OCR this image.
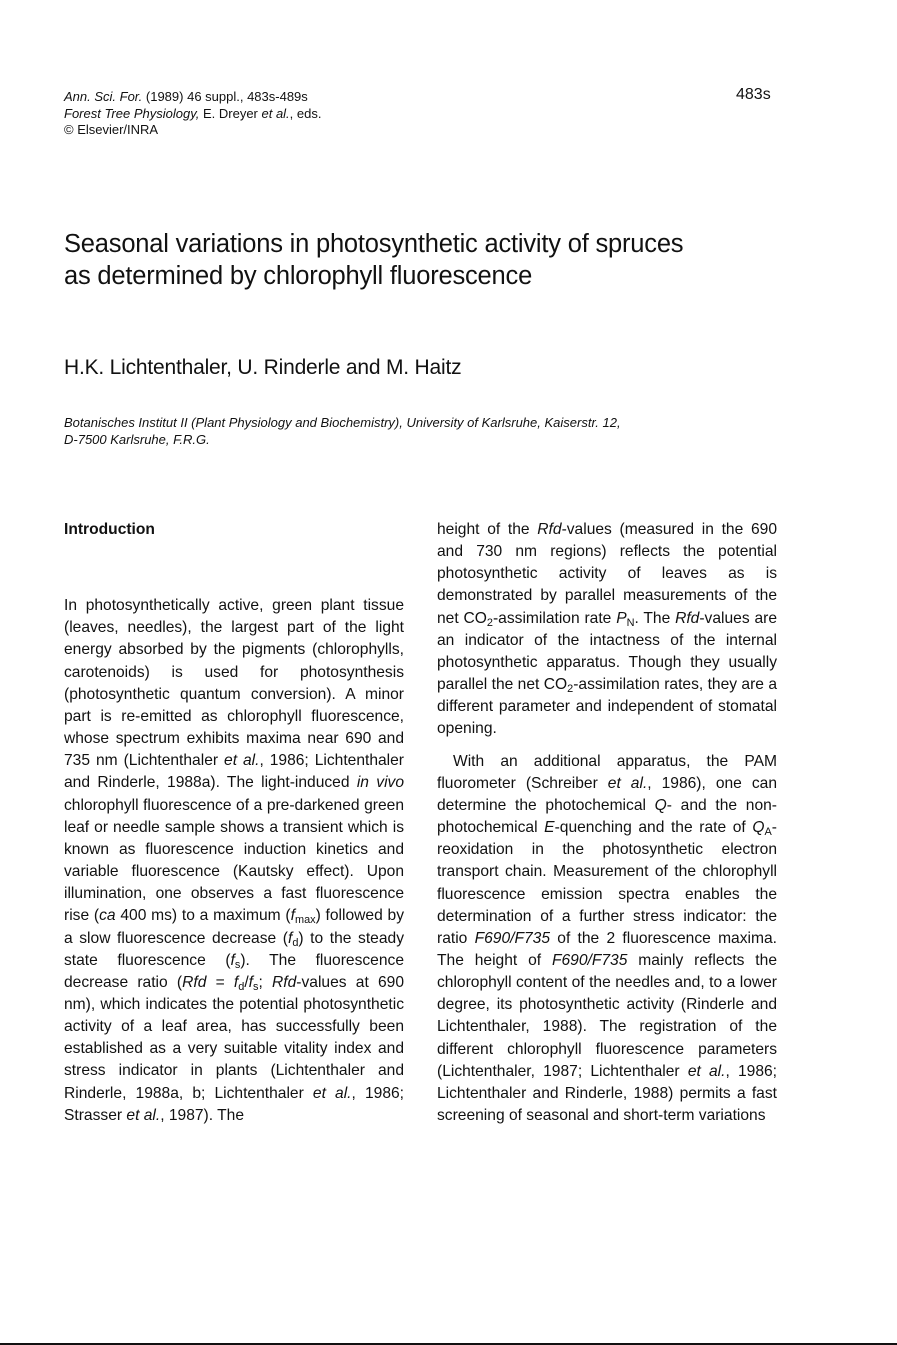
Ann. Sci. For. (1989) 46 suppl., 483s-489s
Forest Tree Physiology, E. Dreyer et al., eds.
© Elsevier/INRA
483s
Seasonal variations in photosynthetic activity of spruces
as determined by chlorophyll fluorescence
H.K. Lichtenthaler, U. Rinderle and M. Haitz
Botanisches Institut II (Plant Physiology and Biochemistry), University of Karlsruhe, Kaiserstr. 12,
D-7500 Karlsruhe, F.R.G.
Introduction

In photosynthetically active, green plant tissue (leaves, needles), the largest part of the light energy absorbed by the pigments (chlorophylls, carotenoids) is used for photosynthesis (photosynthetic quantum conversion). A minor part is re-emitted as chlorophyll fluorescence, whose spectrum exhibits maxima near 690 and 735 nm (Lichtenthaler et al., 1986; Lichtenthaler and Rinderle, 1988a). The light-induced in vivo chlorophyll fluorescence of a pre-darkened green leaf or needle sample shows a transient which is known as fluorescence induction kinetics and variable fluorescence (Kautsky effect). Upon illumination, one observes a fast fluorescence rise (ca 400 ms) to a maximum $(f_{max})$ followed by a slow fluorescence decrease $(f_d)$ to the steady state fluorescence $(f_s)$. The fluorescence decrease ratio ($Rfd = f_d/f_s$; Rfd-values at 690 nm), which indicates the potential photosynthetic activity of a leaf area, has successfully been established as a very suitable vitality index and stress indicator in plants (Lichtenthaler and Rinderle, 1988a, b; Lichtenthaler et al., 1986; Strasser et al., 1987). The

height of the Rfd-values (measured in the 690 and 730 nm regions) reflects the potential photosynthetic activity of leaves as is demonstrated by parallel measurements of the net $CO_2$-assimilation rate $P_N$. The Rfd-values are an indicator of the intactness of the internal photosynthetic apparatus. Though they usually parallel the net $CO_2$-assimilation rates, they are a different parameter and independent of stomatal opening.

With an additional apparatus, the PAM fluorometer (Schreiber et al., 1986), one can determine the photochemical Q- and the non-photochemical E-quenching and the rate of $Q_A$-reoxidation in the photosynthetic electron transport chain. Measurement of the chlorophyll fluorescence emission spectra enables the determination of a further stress indicator: the ratio F690/F735 of the 2 fluorescence maxima. The height of F690/F735 mainly reflects the chlorophyll content of the needles and, to a lower degree, its photosynthetic activity (Rinderle and Lichtenthaler, 1988). The registration of the different chlorophyll fluorescence parameters (Lichtenthaler, 1987; Lichtenthaler et al., 1986; Lichtenthaler and Rinderle, 1988) permits a fast screening of seasonal and short-term variations
